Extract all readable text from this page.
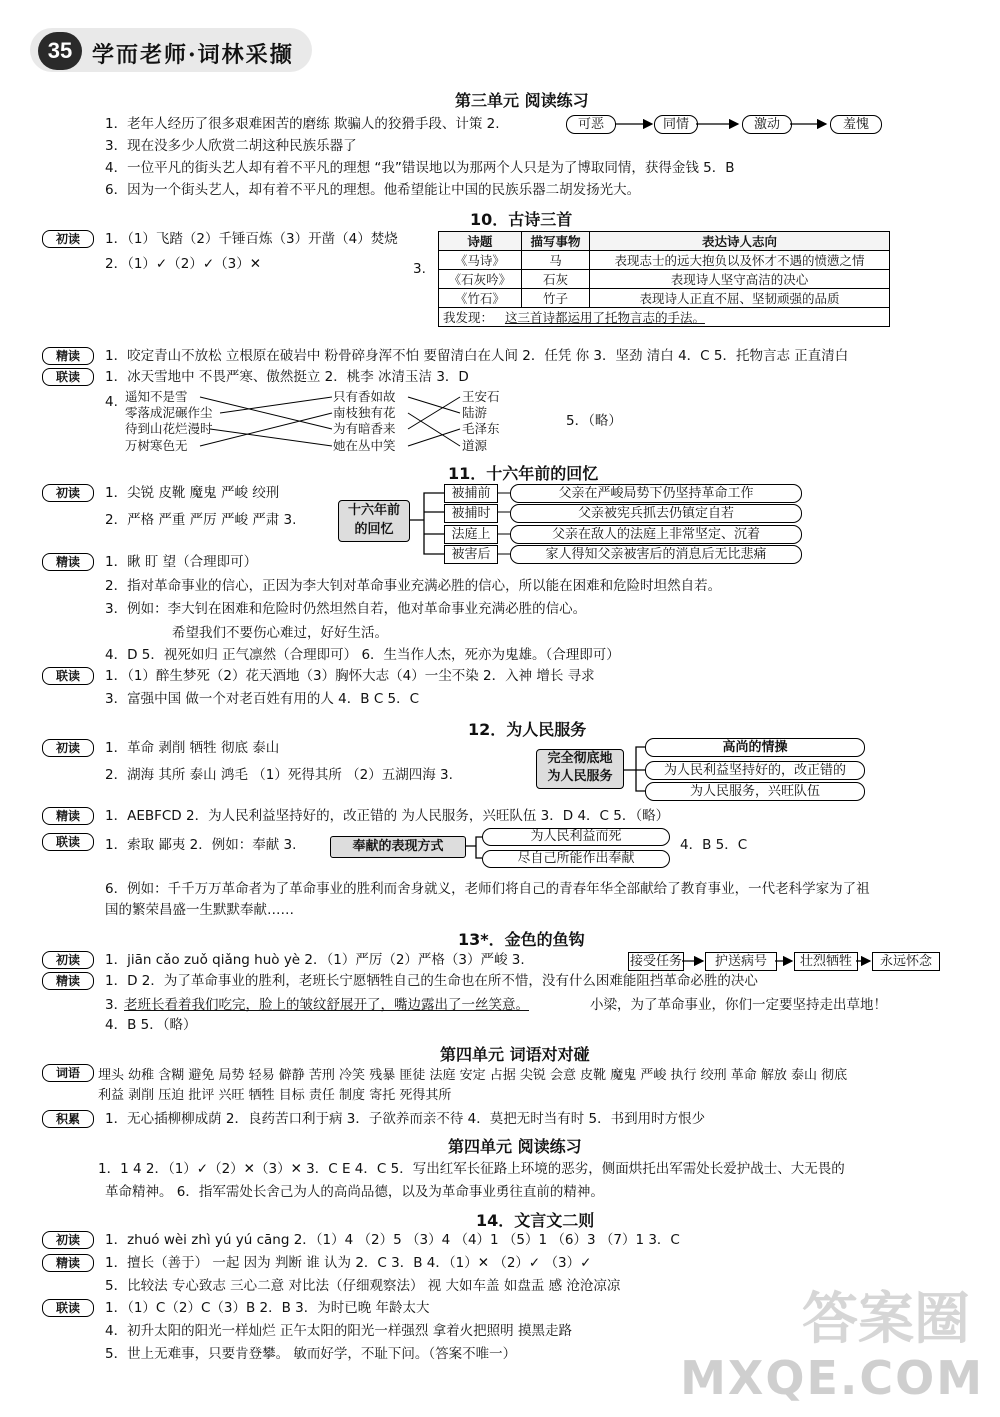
35 学而老师·词林采撷
第三单元 阅读练习
1．老年人经历了很多艰难困苦的磨练 欺骗人的狡猾手段、计策 2.	可恶	同情	激动	羞愧
3．现在没多少人欣赏二胡这种民族乐器了
4．一位平凡的街头艺人却有着不平凡的理想 “我”错误地以为那两个人只是为了博取同情，获得金钱 5．B
6．因为一个街头艺人，却有着不平凡的理想。他希望能让中国的民族乐器二胡发扬光大。
10．古诗三首
初读	1．（1）飞踏（2）千锤百炼（3）开凿（4）焚烧
2．（1）✓（2）✓（3）✕	3.
诗题	描写事物	表达诗人志向
《马诗》	马	表现志士的远大抱负以及怀才不遇的愤懑之情
《石灰吟》	石灰	表现诗人坚守高洁的决心
《竹石》	竹子	表现诗人正直不屈、坚韧顽强的品质
我发现： 这三首诗都运用了托物言志的手法。		
精读	1．咬定青山不放松 立根原在破岩中 粉骨碎身浑不怕 要留清白在人间 2．任凭 你 3．坚劲 清白 4．C 5．托物言志 正直清白
联读	1．冰天雪地中 不畏严寒、傲然挺立 2．桃李 冰清玉洁 3．D
4. 遥知不是雪
零落成泥碾作尘
待到山花烂漫时
万树寒色无
只有香如故
南枝独有花
为有暗香来
她在丛中笑
王安石
陆游
毛泽东
道源
5．（略）
11．十六年前的回忆
初读	1．尖锐 皮靴 魔鬼 严峻 绞刑
2．严格 严重 严厉 严峻 严肃 3.
十六年前
的回忆
被捕前	父亲在严峻局势下仍坚持革命工作
被捕时	父亲被宪兵抓去仍镇定自若
法庭上	父亲在敌人的法庭上非常坚定、沉着
被害后	家人得知父亲被害后的消息后无比悲痛
精读	1．瞅 盯 望（合理即可）
2．指对革命事业的信心，正因为李大钊对革命事业充满必胜的信心，所以能在困难和危险时坦然自若。
3．例如：李大钊在困难和危险时仍然坦然自若，他对革命事业充满必胜的信心。
希望我们不要伤心难过，好好生活。
4．D 5．视死如归 正气凛然（合理即可） 6．生当作人杰，死亦为鬼雄。（合理即可）
联读	1．（1）醉生梦死（2）花天酒地（3）胸怀大志（4）一尘不染 2．入神 增长 寻求
3．富强中国 做一个对老百姓有用的人 4．B C 5．C
12．为人民服务
初读	1．革命 剥削 牺牲 彻底 泰山
2．湖海 其所 泰山 鸿毛 （1）死得其所 （2）五湖四海 3.
完全彻底地
为人民服务
高尚的情操
为人民利益坚持好的，改正错的
为人民服务，兴旺队伍
精读	1．AEBFCD 2．为人民利益坚持好的，改正错的 为人民服务，兴旺队伍 3．D 4．C 5．（略）
联读	1．索取 鄙夷 2．例如：奉献 3.	奉献的表现方式
为人民利益而死
尽自己所能作出奉献
4．B 5．C
6．例如：千千万万革命者为了革命事业的胜利而舍身就义，老师们将自己的青春年华全部献给了教育事业，一代老科学家为了祖
国的繁荣昌盛一生默默奉献……
13*．金色的鱼钩
初读	1．jiān cǎo zuǒ qiǎng huò yè 2．（1）严厉（2）严格（3）严峻 3.	接受任务	护送病号	壮烈牺牲	永远怀念
精读	1．D 2．为了革命事业的胜利，老班长宁愿牺牲自己的生命也在所不惜，没有什么困难能阻挡革命必胜的决心
3．
老班长看着我们吃完，脸上的皱纹舒展开了，嘴边露出了一丝笑意。	小梁，为了革命事业，你们一定要坚持走出草地！
4．B 5．（略）
第四单元 词语对对碰
词语	埋头 幼稚 含糊 避免 局势 轻易 僻静 苦刑 冷笑 残暴 匪徒 法庭 安定 占据 尖锐 会意 皮靴 魔鬼 严峻 执行 绞刑 革命 解放 泰山 彻底
利益 剥削 压迫 批评 兴旺 牺牲 目标 责任 制度 寄托 死得其所
积累	1．无心插柳柳成荫 2．良药苦口利于病 3．子欲养而亲不待 4．莫把无时当有时 5．书到用时方恨少
第四单元 阅读练习
1．1 4 2．（1）✓（2）✕（3）✕ 3．C E 4．C 5．写出红军长征路上环境的恶劣，侧面烘托出军需处长爱护战士、大无畏的
革命精神。 6．指军需处长舍己为人的高尚品德，以及为革命事业勇往直前的精神。
14．文言文二则
初读	1．zhuó wèi zhì yú yú cāng 2．（1）4 （2）5 （3）4 （4）1 （5）1 （6）3 （7）1 3．C
精读	1．擅长（善于） 一起 因为 判断 谁 认为 2．C 3．B 4．（1）✕ （2）✓ （3）✓
5．比较法 专心致志 三心二意 对比法（仔细观察法） 视 大如车盖 如盘盂 感 沧沧凉凉
联读	1．（1）C（2）C（3）B 2．B 3．为时已晚 年龄太大
4．初升太阳的阳光一样灿烂 正午太阳的阳光一样强烈 拿着火把照明 摸黑走路
5．世上无难事，只要肯登攀。 敏而好学，不耻下问。（答案不唯一）
答案圈
MXQE.COM
